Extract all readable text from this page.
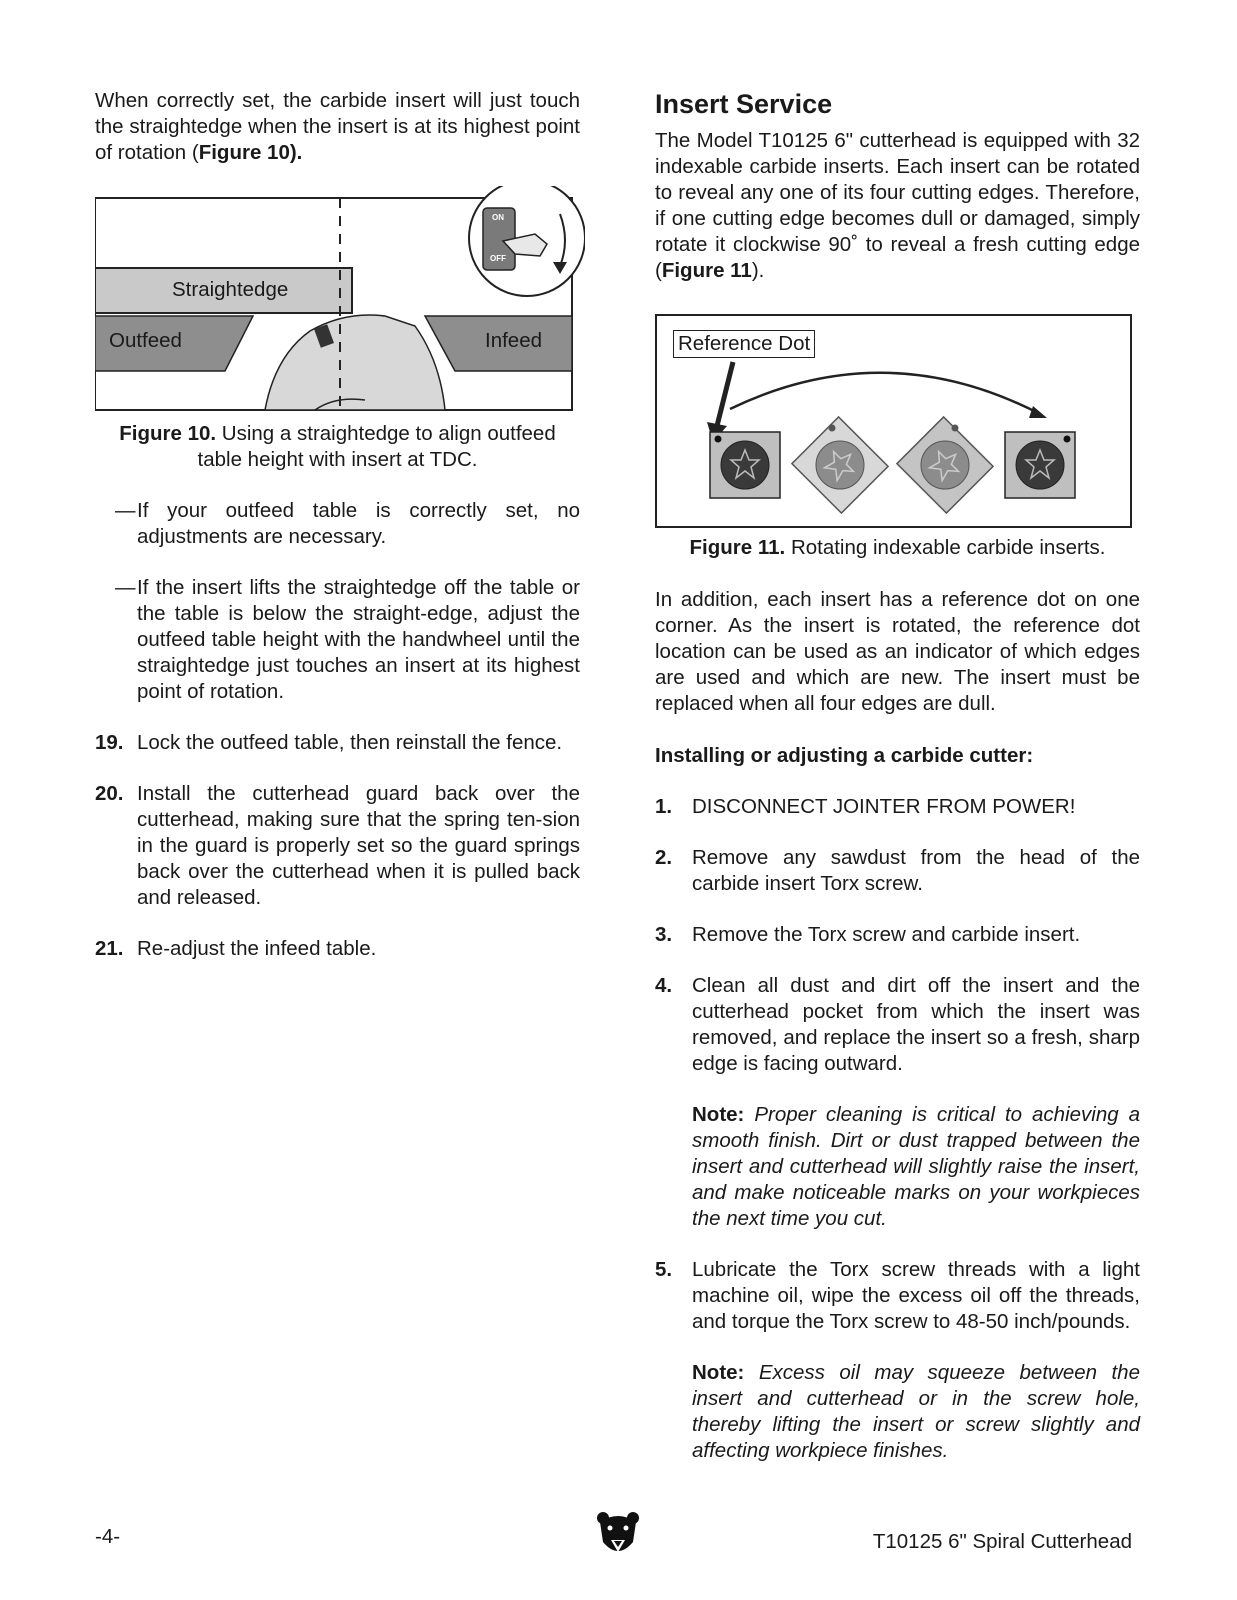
When correctly set, the carbide insert will just touch the straightedge when the insert is at its highest point of rotation (Figure 10).

Straightedge
Outfeed	Infeed
ON
OFF

Figure 10. Using a straightedge to align outfeed

table height with insert at TDC.

— If your outfeed table is correctly set, no adjustments are necessary.

— If the insert lifts the straightedge off the table or the table is below the straight-edge, adjust the outfeed table height with the handwheel until the straightedge just touches an insert at its highest point of rotation.

19. Lock the outfeed table, then reinstall the fence.

20. Install the cutterhead guard back over the cutterhead, making sure that the spring ten-sion in the guard is properly set so the guard springs back over the cutterhead when it is pulled back and released.

21. Re-adjust the infeed table.

Insert Service

The Model T10125 6" cutterhead is equipped with 32 indexable carbide inserts. Each insert can be rotated to reveal any one of its four cutting edges. Therefore, if one cutting edge becomes dull or damaged, simply rotate it clockwise 90˚ to reveal a fresh cutting edge (Figure 11).

Reference Dot

Figure 11. Rotating indexable carbide inserts.

In addition, each insert has a reference dot on one corner. As the insert is rotated, the reference dot location can be used as an indicator of which edges are used and which are new. The insert must be replaced when all four edges are dull.

Installing or adjusting a carbide cutter:

1. DISCONNECT JOINTER FROM POWER!

2. Remove any sawdust from the head of the carbide insert Torx screw.

3. Remove the Torx screw and carbide insert.

4. Clean all dust and dirt off the insert and the cutterhead pocket from which the insert was removed, and replace the insert so a fresh, sharp edge is facing outward.

Note: Proper cleaning is critical to achieving a smooth finish. Dirt or dust trapped between the insert and cutterhead will slightly raise the insert, and make noticeable marks on your workpieces the next time you cut.

5. Lubricate the Torx screw threads with a light machine oil, wipe the excess oil off the threads, and torque the Torx screw to 48-50 inch/pounds.

Note: Excess oil may squeeze between the insert and cutterhead or in the screw hole, thereby lifting the insert or screw slightly and affecting workpiece finishes.

-4-	T10125 6" Spiral Cutterhead
